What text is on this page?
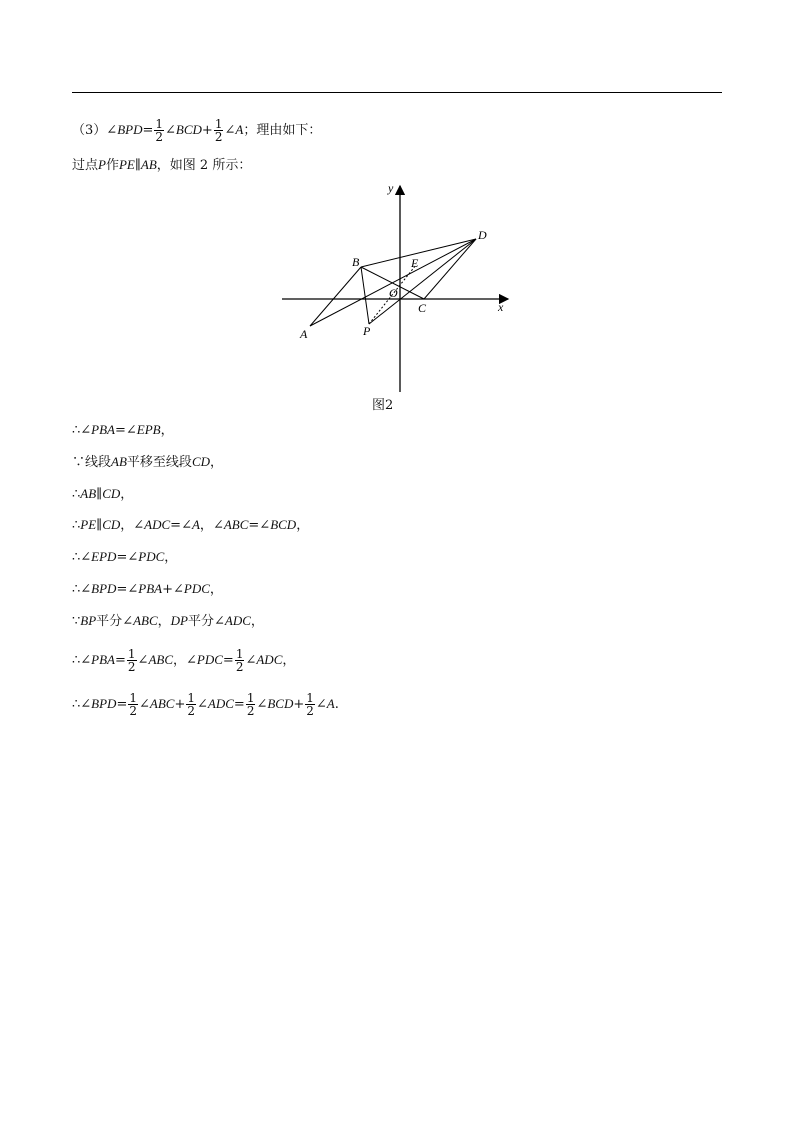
（3）∠BPD= $\frac{1}{2}$ ∠BCD+ $\frac{1}{2}$ ∠A；理由如下：
过点P作PE∥AB，如图 2 所示：
y
x
D
B	E
O
C
A	P
图2
∴∠PBA=∠EPB，
∵线段AB平移至线段CD，
∴AB∥CD，
∴PE∥CD，∠ADC=∠A，∠ABC=∠BCD，
∴∠EPD=∠PDC，
∴∠BPD=∠PBA+∠PDC，
∵BP平分∠ABC，DP平分∠ADC，
∴∠PBA= $\frac{1}{2}$ ∠ABC，∠PDC= $\frac{1}{2}$ ∠ADC，
∴∠BPD= $\frac{1}{2}$ ∠ABC+ $\frac{1}{2}$ ∠ADC= $\frac{1}{2}$ ∠BCD+ $\frac{1}{2}$ ∠A.
